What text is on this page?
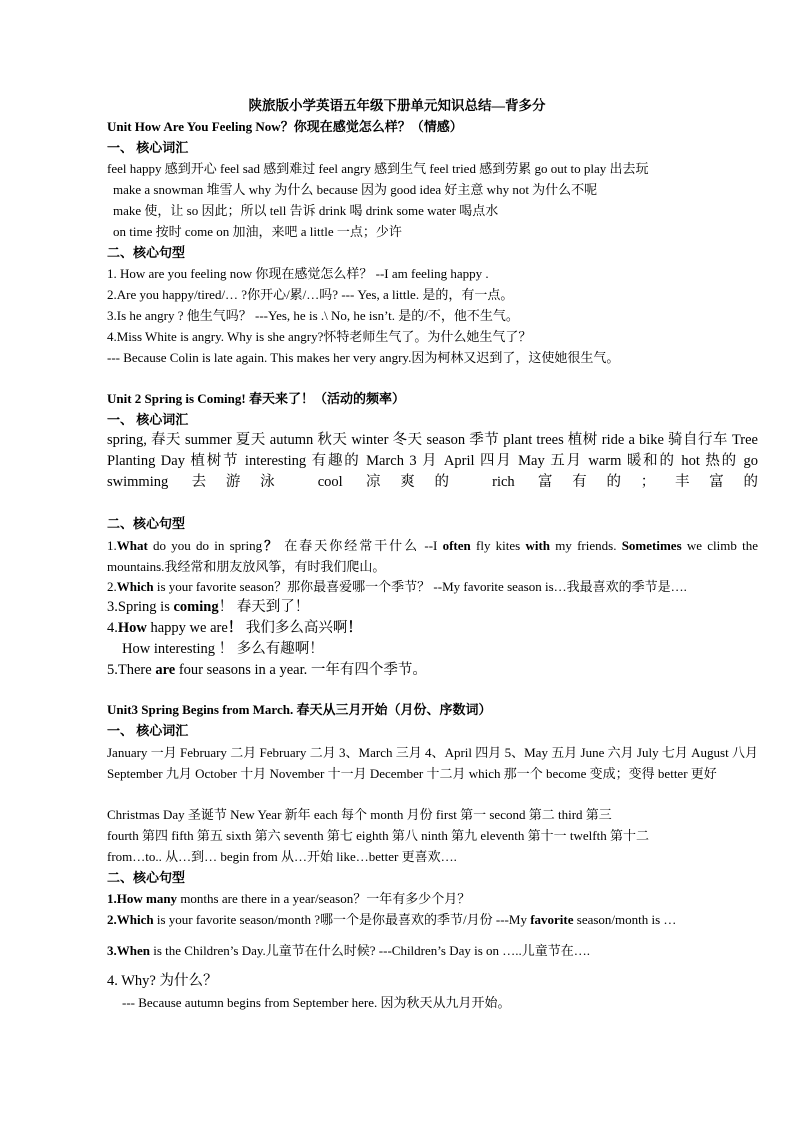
陕旅版小学英语五年级下册单元知识总结—背多分
Unit How Are You Feeling Now？你现在感觉怎么样？（情感）
一、 核心词汇
feel happy 感到开心 feel sad 感到难过 feel angry 感到生气 feel tried 感到劳累 go out to play 出去玩
make a snowman 堆雪人 why 为什么 because 因为 good idea 好主意 why not 为什么不呢
make 使，让 so 因此；所以 tell 告诉 drink 喝 drink some water 喝点水
on time 按时 come on 加油，来吧 a little 一点；少许
二、核心句型
1. How are you feeling now 你现在感觉怎么样？ --I am feeling happy .
2.Are you happy/tired/… ?你开心/累/…吗? --- Yes, a little. 是的，有一点。
3.Is he angry ? 他生气吗？ ---Yes, he is .\ No, he isn’t. 是的/不，他不生气。
4.Miss White is angry. Why is she angry?怀特老师生气了。为什么她生气了？
--- Because Colin is late again. This makes her very angry.因为柯林又迟到了，这使她很生气。
Unit 2 Spring is Coming! 春天来了！（活动的频率）
一、 核心词汇
spring, 春天 summer 夏天 autumn 秋天 winter 冬天 season 季节 plant trees 植树 ride a bike 骑自行车 Tree Planting Day 植树节 interesting 有趣的 March 3 月 April 四月 May 五月 warm 暖和的 hot 热的 go swimming 去游泳 cool 凉爽的 rich 富有的；丰富的
二、核心句型
1.What do you do in spring？ 在春天你经常干什么 --I often fly kites with my friends. Sometimes we climb the mountains.我经常和朋友放风筝，有时我们爬山。
2.Which is your favorite season？那你最喜爱哪一个季节？ --My favorite season is…我最喜欢的季节是….
3.Spring is coming！ 春天到了！
4.How happy we are！ 我们多么高兴啊！
How interesting ！ 多么有趣啊！
5.There are four seasons in a year. 一年有四个季节。
Unit3 Spring Begins from March. 春天从三月开始（月份、序数词）
一、 核心词汇
January 一月 February 二月 February 二月 3、March 三月 4、April 四月 5、May 五月 June 六月 July 七月 August 八月 September 九月 October 十月 November 十一月 December 十二月 which 那一个 become 变成；变得 better 更好
Christmas Day 圣诞节 New Year 新年 each 每个 month 月份 first 第一 second 第二 third 第三
fourth 第四 fifth 第五 sixth 第六 seventh 第七 eighth 第八 ninth 第九 eleventh 第十一 twelfth 第十二
from…to.. 从…到… begin from 从…开始 like…better 更喜欢….
二、核心句型
1.How many months are there in a year/season？一年有多少个月？
2.Which is your favorite season/month ?哪一个是你最喜欢的季节/月份 ---My favorite season/month is …
3.When is the Children’s Day.儿童节在什么时候? ---Children’s Day is on …..儿童节在….
4. Why? 为什么？
--- Because autumn begins from September here. 因为秋天从九月开始。
